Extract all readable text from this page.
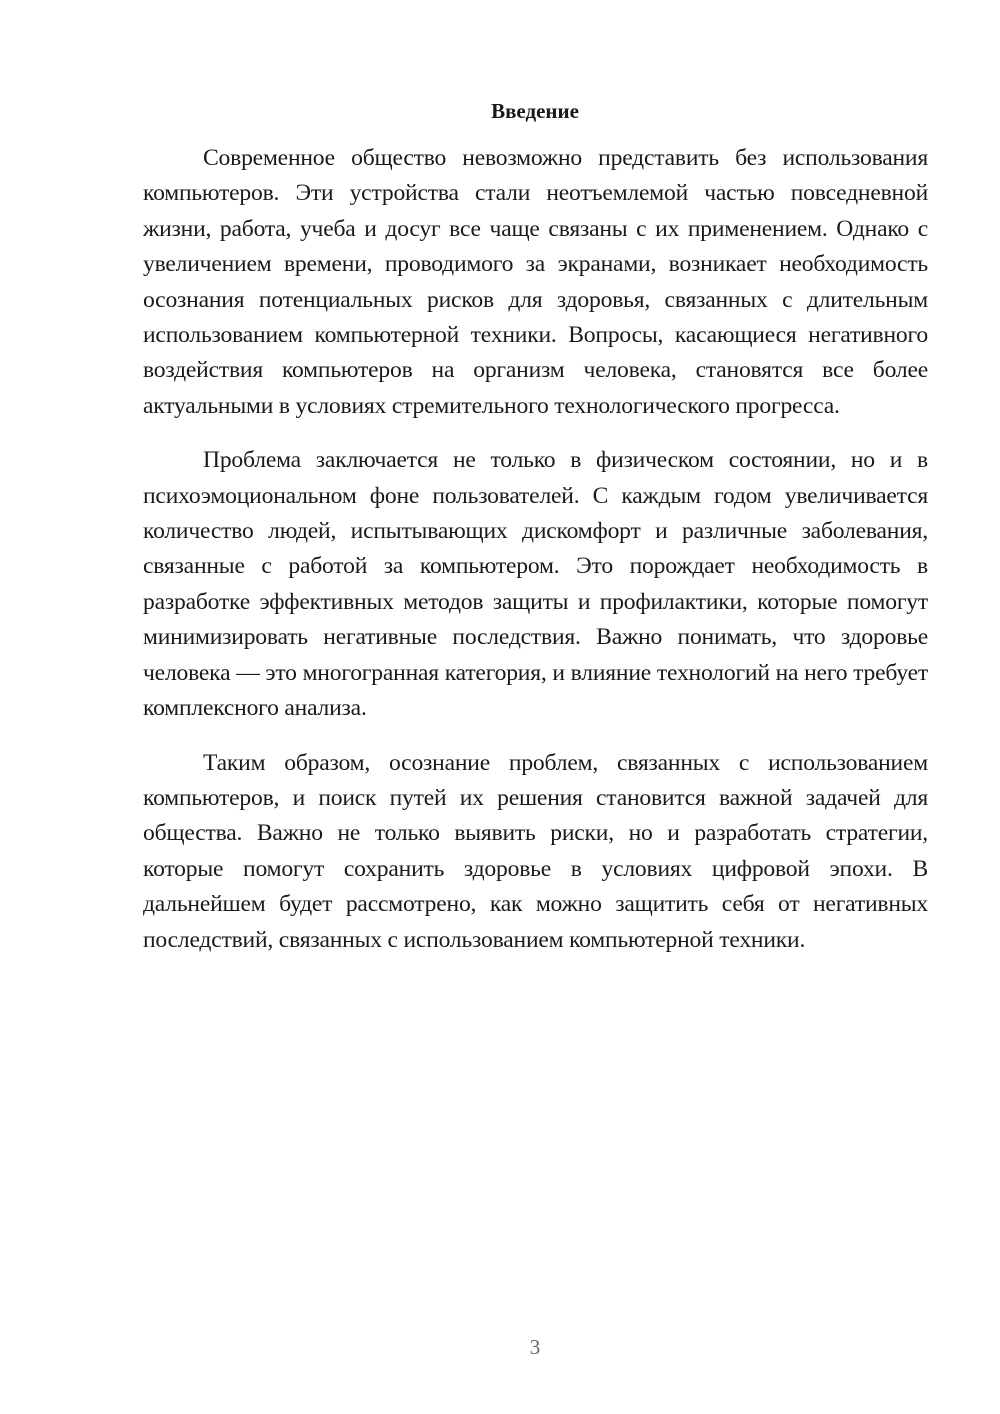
Введение

Современное общество невозможно представить без использования компьютеров. Эти устройства стали неотъемлемой частью повседневной жизни, работа, учеба и досуг все чаще связаны с их применением. Однако с увеличением времени, проводимого за экранами, возникает необходимость осознания потенциальных рисков для здоровья, связанных с длительным использованием компьютерной техники. Вопросы, касающиеся негативного воздействия компьютеров на организм человека, становятся все более актуальными в условиях стремительного технологического прогресса.

Проблема заключается не только в физическом состоянии, но и в психоэмоциональном фоне пользователей. С каждым годом увеличивается количество людей, испытывающих дискомфорт и различные заболевания, связанные с работой за компьютером. Это порождает необходимость в разработке эффективных методов защиты и профилактики, которые помогут минимизировать негативные последствия. Важно понимать, что здоровье человека — это многогранная категория, и влияние технологий на него требует комплексного анализа.

Таким образом, осознание проблем, связанных с использованием компьютеров, и поиск путей их решения становится важной задачей для общества. Важно не только выявить риски, но и разработать стратегии, которые помогут сохранить здоровье в условиях цифровой эпохи. В дальнейшем будет рассмотрено, как можно защитить себя от негативных последствий, связанных с использованием компьютерной техники.

3
